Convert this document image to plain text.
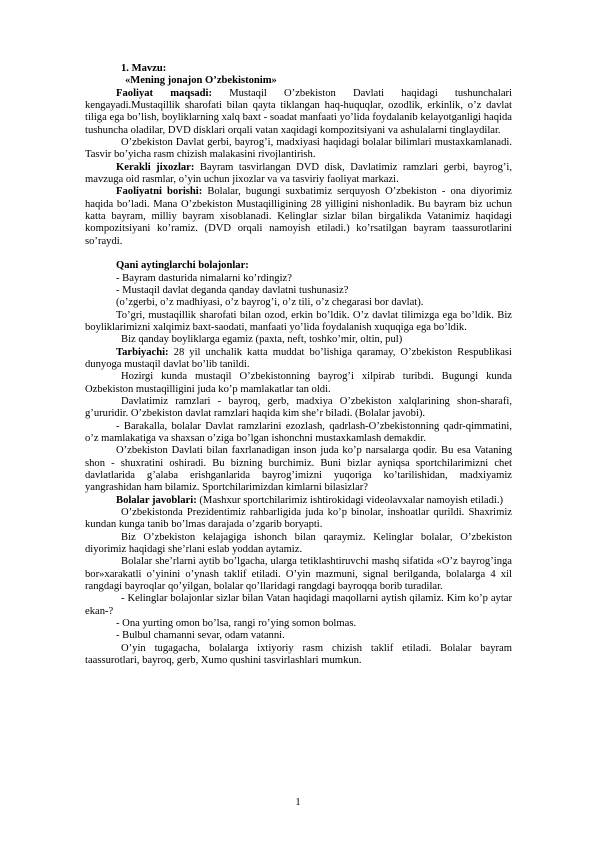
1. Mavzu:

«Mening jonajon O’zbekistonim»

Faoliyat maqsadi: Mustaqil O’zbekiston Davlati haqidagi tushunchalari kengayadi.Mustaqillik sharofati bilan qayta tiklangan haq-huquqlar, ozodlik, erkinlik, o’z davlat tiliga ega bo’lish, boyliklarning xalq baxt - soadat manfaati yo’lida foydalanib kelayotganligi haqida tushuncha oladilar, DVD disklari orqali vatan xaqidagi kompozitsiyani va ashulalarni tinglaydilar.

O’zbekiston Davlat gerbi, bayrog’i, madxiyasi haqidagi bolalar bilimlari mustaxkamlanadi. Tasvir bo’yicha rasm chizish malakasini rivojlantirish.

Kerakli jixozlar: Bayram tasvirlangan DVD disk, Davlatimiz ramzlari gerbi, bayrog’i, mavzuga oid rasmlar, o’yin uchun jixozlar va va tasviriy faoliyat markazi.

Faoliyatni borishi: Bolalar, bugungi suxbatimiz serquyosh O’zbekiston - ona diyorimiz haqida bo’ladi. Mana O’zbekiston Mustaqilligining 28 yilligini nishonladik. Bu bayram biz uchun katta bayram, milliy bayram xisoblanadi. Kelinglar sizlar bilan birgalikda Vatanimiz haqidagi kompozitsiyani ko’ramiz. (DVD orqali namoyish etiladi.) ko’rsatilgan bayram taassurotlarini so’raydi.

Qani aytinglarchi bolajonlar:

- Bayram dasturida nimalarni ko’rdingiz?

- Mustaqil davlat deganda qanday davlatni tushunasiz?

(o’zgerbi, o’z madhiyasi, o’z bayrog’i, o’z tili, o’z chegarasi bor davlat).

To’gri, mustaqillik sharofati bilan ozod, erkin bo’ldik. O’z davlat tilimizga ega bo’ldik. Biz boyliklarimizni xalqimiz baxt-saodati, manfaati yo’lida foydalanish xuquqiga ega bo’ldik.

Biz qanday boyliklarga egamiz (paxta, neft, toshko’mir, oltin, pul)

Tarbiyachi: 28 yil unchalik katta muddat bo’lishiga qaramay, O’zbekiston Respublikasi dunyoga mustaqil davlat bo’lib tanildi.

Hozirgi kunda mustaqil O’zbekistonning bayrog’i xilpirab turibdi. Bugungi kunda Ozbekiston mustaqilligini juda ko’p mamlakatlar tan oldi.

Davlatimiz ramzlari - bayroq, gerb, madxiya O’zbekiston xalqlarining shon-sharafi, g’ururidir. O’zbekiston davlat ramzlari haqida kim she’r biladi. (Bolalar javobi).

- Barakalla, bolalar Davlat ramzlarini ezozlash, qadrlash-O’zbekistonning qadr-qimmatini, o’z mamlakatiga va shaxsan o’ziga bo’lgan ishonchni mustaxkamlash demakdir.

O’zbekiston Davlati bilan faxrlanadigan inson juda ko’p narsalarga qodir. Bu esa Vataning shon - shuxratini oshiradi. Bu bizning burchimiz. Buni bizlar ayniqsa sportchilarimizni chet davlatlarida g’alaba erishganlarida bayrog’imizni yuqoriga ko’tarilishidan, madxiyamiz yangrashidan ham bilamiz. Sportchilarimizdan kimlarni bilasizlar?

Bolalar javoblari: (Mashxur sportchilarimiz ishtirokidagi videolavxalar namoyish etiladi.)

O’zbekistonda Prezidentimiz rahbarligida juda ko’p binolar, inshoatlar qurildi. Shaxrimiz kundan kunga tanib bo’lmas darajada o’zgarib boryapti.

Biz O’zbekiston kelajagiga ishonch bilan qaraymiz. Kelinglar bolalar, O’zbekiston diyorimiz haqidagi she’rlani eslab yoddan aytamiz.

Bolalar she’rlarni aytib bo’lgacha, ularga tetiklashtiruvchi mashq sifatida «O’z bayrog’inga bor»xarakatli o’yinini o’ynash taklif etiladi. O’yin mazmuni, signal berilganda, bolalarga 4 xil rangdagi bayroqlar qo’yilgan, bolalar qo’llaridagi rangdagi bayroqqa borib turadilar.

- Kelinglar bolajonlar sizlar bilan Vatan haqidagi maqollarni aytish qilamiz. Kim ko’p aytar ekan-?

- Ona yurting omon bo’lsa, rangi ro’ying somon bolmas.

- Bulbul chamanni sevar, odam vatanni.

O’yin tugagacha, bolalarga ixtiyoriy rasm chizish taklif etiladi. Bolalar bayram taassurotlari, bayroq, gerb, Xumo qushini tasvirlashlari mumkun.

1
